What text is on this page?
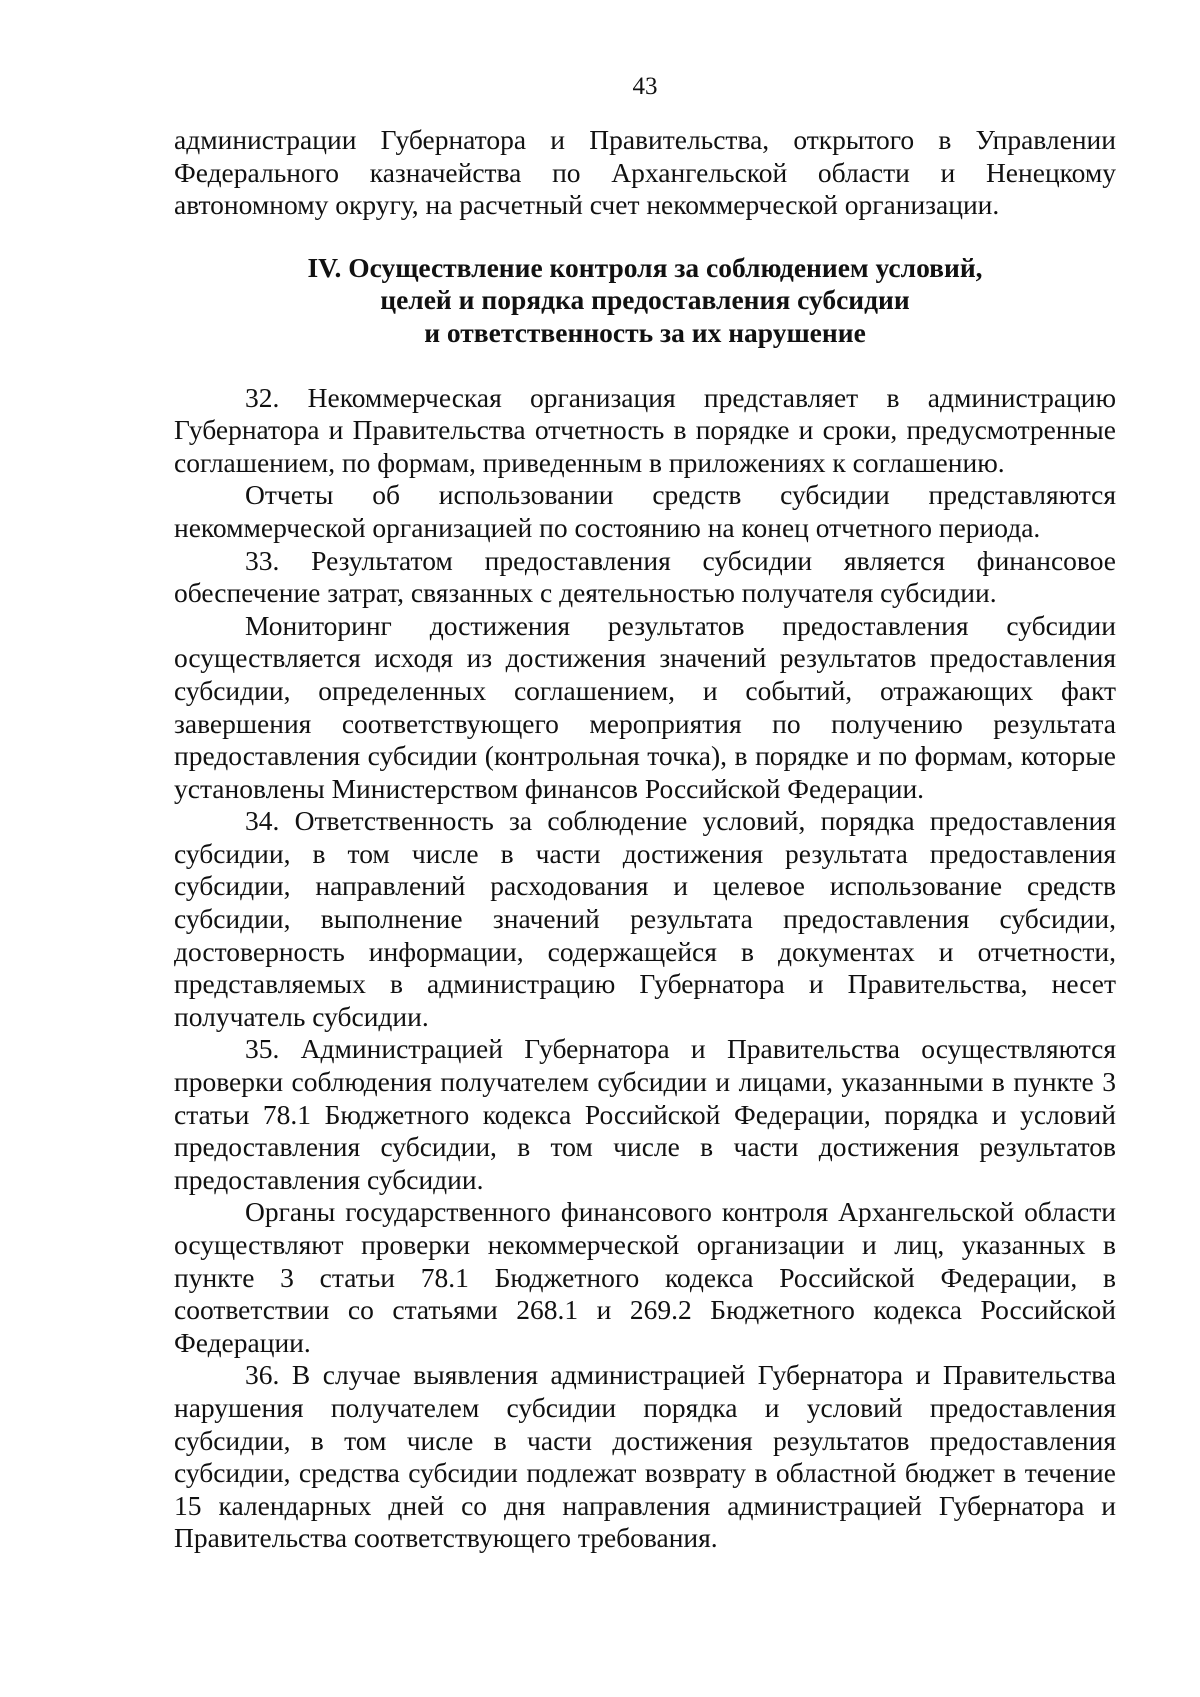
43

администрации Губернатора и Правительства, открытого в Управлении Федерального казначейства по Архангельской области и Ненецкому автономному округу, на расчетный счет некоммерческой организации.

IV. Осуществление контроля за соблюдением условий,
целей и порядка предоставления субсидии
и ответственность за их нарушение

32. Некоммерческая организация представляет в администрацию Губернатора и Правительства отчетность в порядке и сроки, предусмотренные соглашением, по формам, приведенным в приложениях к соглашению.

Отчеты об использовании средств субсидии представляются некоммерческой организацией по состоянию на конец отчетного периода.

33. Результатом предоставления субсидии является финансовое обеспечение затрат, связанных с деятельностью получателя субсидии.

Мониторинг достижения результатов предоставления субсидии осуществляется исходя из достижения значений результатов предоставления субсидии, определенных соглашением, и событий, отражающих факт завершения соответствующего мероприятия по получению результата предоставления субсидии (контрольная точка), в порядке и по формам, которые установлены Министерством финансов Российской Федерации.

34. Ответственность за соблюдение условий, порядка предоставления субсидии, в том числе в части достижения результата предоставления субсидии, направлений расходования и целевое использование средств субсидии, выполнение значений результата предоставления субсидии, достоверность информации, содержащейся в документах и отчетности, представляемых в администрацию Губернатора и Правительства, несет получатель субсидии.

35. Администрацией Губернатора и Правительства осуществляются проверки соблюдения получателем субсидии и лицами, указанными в пункте 3 статьи 78.1 Бюджетного кодекса Российской Федерации, порядка и условий предоставления субсидии, в том числе в части достижения результатов предоставления субсидии.

Органы государственного финансового контроля Архангельской области осуществляют проверки некоммерческой организации и лиц, указанных в пункте 3 статьи 78.1 Бюджетного кодекса Российской Федерации, в соответствии со статьями 268.1 и 269.2 Бюджетного кодекса Российской Федерации.

36. В случае выявления администрацией Губернатора и Правительства нарушения получателем субсидии порядка и условий предоставления субсидии, в том числе в части достижения результатов предоставления субсидии, средства субсидии подлежат возврату в областной бюджет в течение 15 календарных дней со дня направления администрацией Губернатора и Правительства соответствующего требования.
